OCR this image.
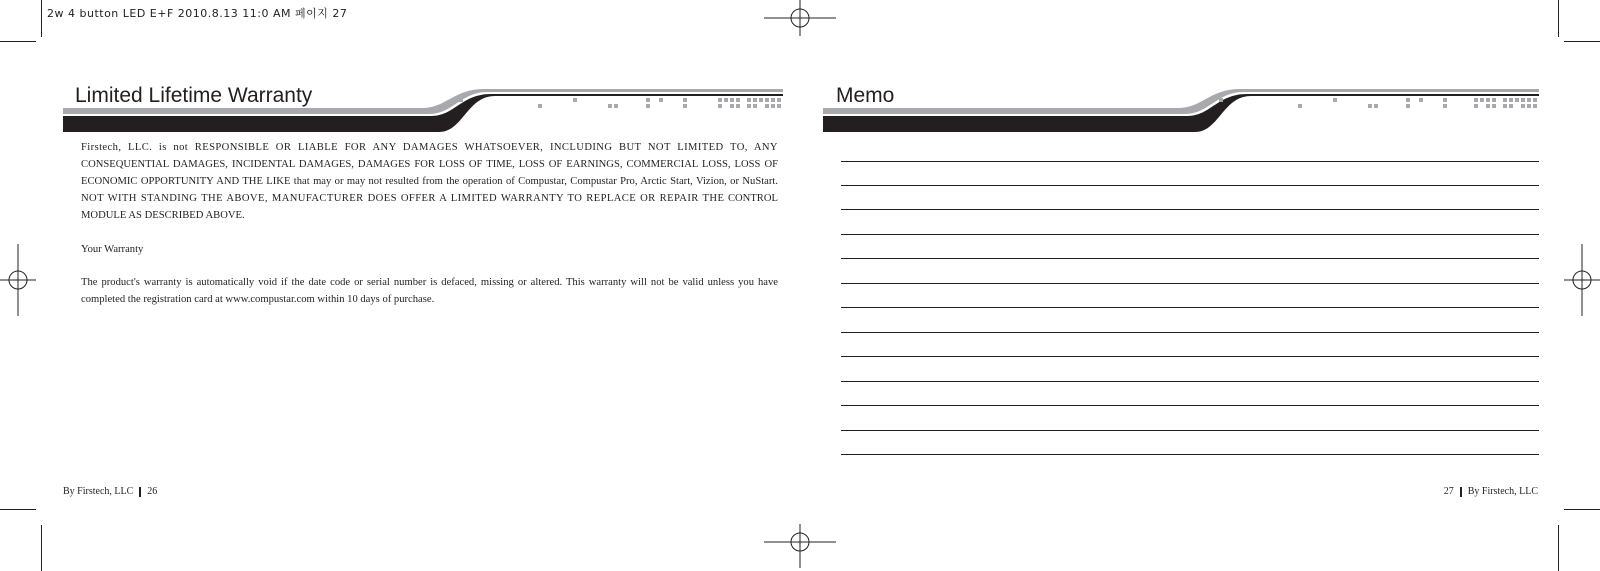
2w 4 button LED E+F 2010.8.13 11:0 AM 페이지 27
Limited Lifetime Warranty

Firstech, LLC. is not RESPONSIBLE OR LIABLE FOR ANY DAMAGES WHATSOEVER, INCLUDING BUT NOT LIMITED TO, ANY CONSEQUENTIAL DAMAGES, INCIDENTAL DAMAGES, DAMAGES FOR LOSS OF TIME, LOSS OF EARNINGS, COMMERCIAL LOSS, LOSS OF ECONOMIC OPPORTUNITY AND THE LIKE that may or may not resulted from the operation of Compustar, Compustar Pro, Arctic Start, Vizion, or NuStart. NOT WITH STANDING THE ABOVE, MANUFACTURER DOES OFFER A LIMITED WARRANTY TO REPLACE OR REPAIR THE CONTROL MODULE AS DESCRIBED ABOVE.

Your Warranty
The product's warranty is automatically void if the date code or serial number is defaced, missing or altered. This warranty will not be valid unless you have completed the registration card at www.compustar.com within 10 days of purchase.
By Firstech, LLC 26
Memo
27 By Firstech, LLC
